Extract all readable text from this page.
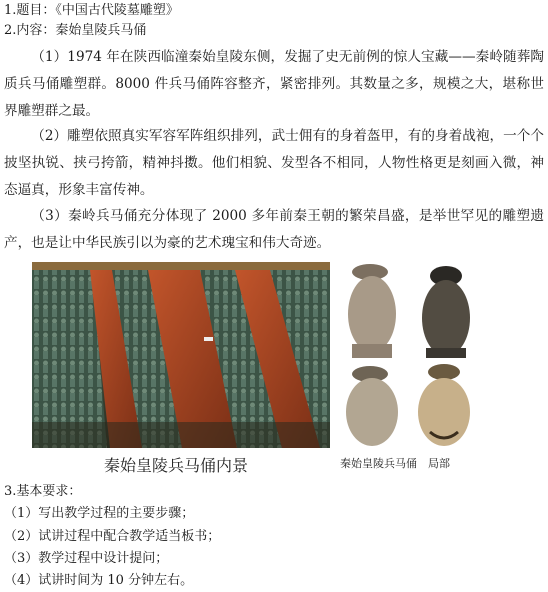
1.题目：《中国古代陵墓雕塑》
2.内容：秦始皇陵兵马俑
（1）1974 年在陕西临潼秦始皇陵东侧，发掘了史无前例的惊人宝藏——秦岭随葬陶质兵马俑雕塑群。8000 件兵马俑阵容整齐，紧密排列。其数量之多，规模之大，堪称世界雕塑群之最。
（2）雕塑依照真实军容军阵组织排列，武士佣有的身着盔甲，有的身着战袍，一个个披坚执锐、挟弓挎箭，精神抖擞。他们相貌、发型各不相同，人物性格更是刻画入微，神态逼真，形象丰富传神。
（3）秦岭兵马俑充分体现了 2000 多年前秦王朝的繁荣昌盛，是举世罕见的雕塑遗产，也是让中华民族引以为豪的艺术瑰宝和伟大奇迹。
秦始皇陵兵马俑内景	秦始皇陵兵马俑　局部
3.基本要求：
（1）写出教学过程的主要步骤；
（2）试讲过程中配合教学适当板书；
（3）教学过程中设计提问；
（4）试讲时间为 10 分钟左右。
